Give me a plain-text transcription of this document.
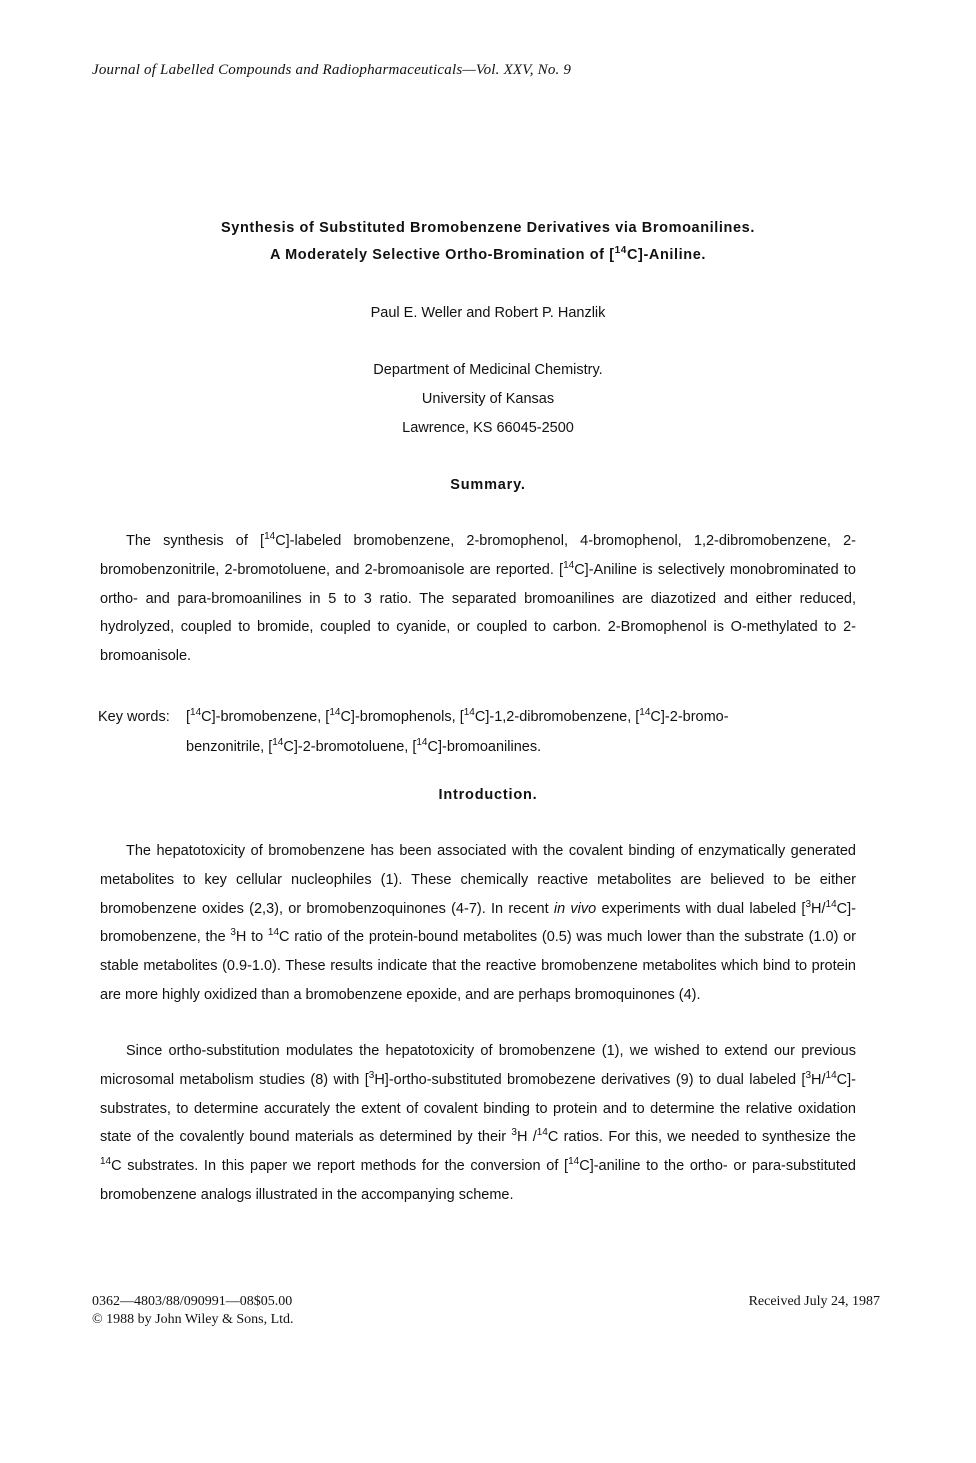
Journal of Labelled Compounds and Radiopharmaceuticals—Vol. XXV, No. 9
Synthesis of Substituted Bromobenzene Derivatives via Bromoanilines.
A Moderately Selective Ortho-Bromination of [$^{14}$C]-Aniline.
Paul E. Weller and Robert P. Hanzlik
Department of Medicinal Chemistry.
University of Kansas
Lawrence, KS 66045-2500
Summary.

The synthesis of [$^{14}$C]-labeled bromobenzene, 2-bromophenol, 4-bromophenol, 1,2-dibromobenzene, 2-bromobenzonitrile, 2-bromotoluene, and 2-bromoanisole are reported. [$^{14}$C]-Aniline is selectively monobrominated to ortho- and para-bromoanilines in 5 to 3 ratio. The separated bromoanilines are diazotized and either reduced, hydrolyzed, coupled to bromide, coupled to cyanide, or coupled to carbon. 2-Bromophenol is O-methylated to 2-bromoanisole.

Key words: [$^{14}$C]-bromobenzene, [$^{14}$C]-bromophenols, [$^{14}$C]-1,2-dibromobenzene, [$^{14}$C]-2-bromo-
benzonitrile, [$^{14}$C]-2-bromotoluene, [$^{14}$C]-bromoanilines.
Introduction.

The hepatotoxicity of bromobenzene has been associated with the covalent binding of enzymatically generated metabolites to key cellular nucleophiles (1). These chemically reactive metabolites are believed to be either bromobenzene oxides (2,3), or bromobenzoquinones (4-7). In recent in vivo experiments with dual labeled [$^3$H/$^{14}$C]-bromobenzene, the $^3$H to $^{14}$C ratio of the protein-bound metabolites (0.5) was much lower than the substrate (1.0) or stable metabolites (0.9-1.0). These results indicate that the reactive bromobenzene metabolites which bind to protein are more highly oxidized than a bromobenzene epoxide, and are perhaps bromoquinones (4).

Since ortho-substitution modulates the hepatotoxicity of bromobenzene (1), we wished to extend our previous microsomal metabolism studies (8) with [$^3$H]-ortho-substituted bromobezene derivatives (9) to dual labeled [$^3$H/$^{14}$C]-substrates, to determine accurately the extent of covalent binding to protein and to determine the relative oxidation state of the covalently bound materials as determined by their $^3$H /$^{14}$C ratios. For this, we needed to synthesize the $^{14}$C substrates. In this paper we report methods for the conversion of [$^{14}$C]-aniline to the ortho- or para-substituted bromobenzene analogs illustrated in the accompanying scheme.

0362—4803/88/090991—08$05.00
© 1988 by John Wiley & Sons, Ltd.
Received July 24, 1987
